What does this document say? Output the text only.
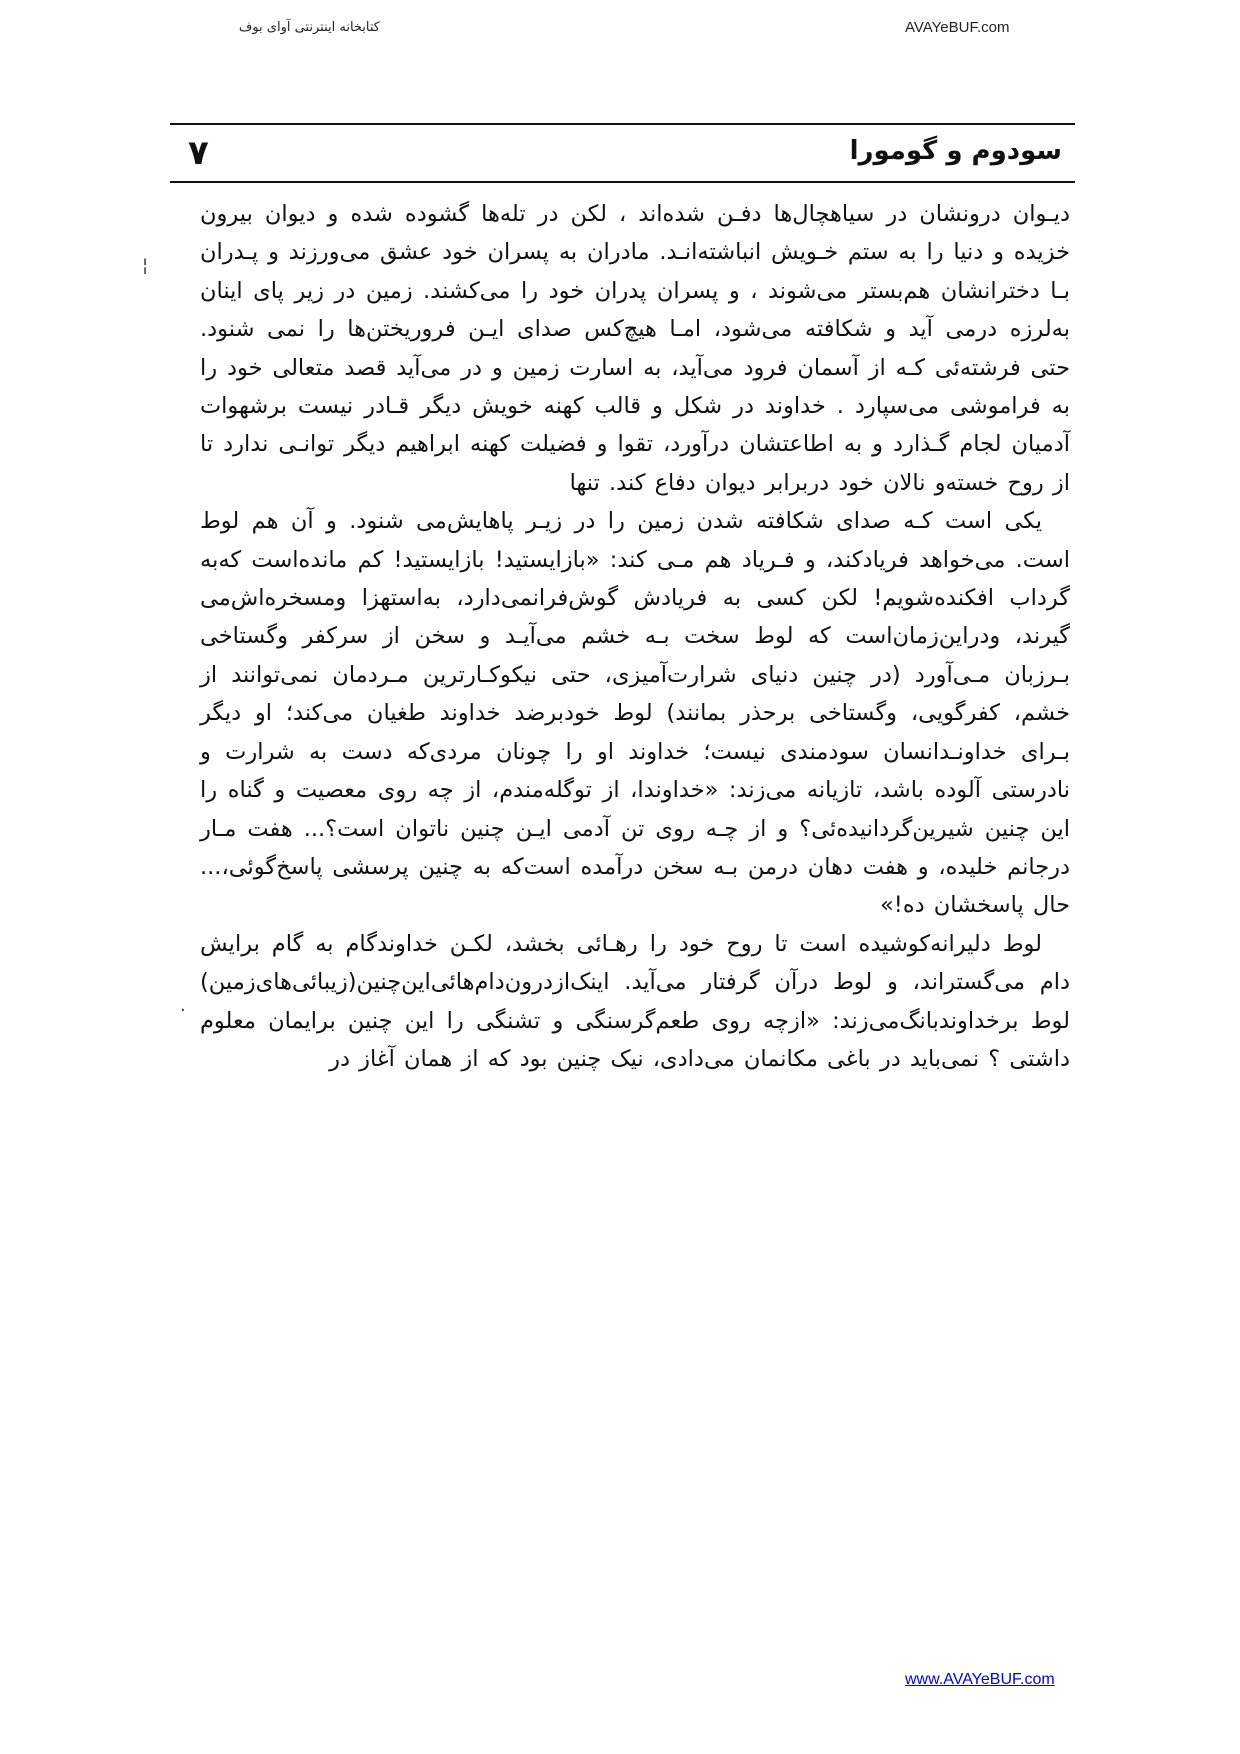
AVAYeBUF.com
کتابخانه اینترنتی آوای بوف
۷	سودوم و گومورا

دیـوان درونشان در سیاهچال‌ها دفـن شده‌اند ، لکن در تله‌ها گشوده شده و دیوان بیرون خزیده و دنیا را به ستم خـویش انباشته‌انـد. مادران به پسران خود عشق می‌ورزند و پـدران بـا دخترانشان هم‌بستر می‌شوند ، و پسران پدران خود را می‌کشند. زمین در زیر پای اینان به‌لرزه درمی آید و شکافته می‌شود، امـا هیچ‌کس صدای ایـن فروریختن‌ها را نمی شنود. حتی فرشته‌ئی کـه از آسمان فرود می‌آید، به اسارت زمین و در می‌آید قصد متعالی خود را به فراموشی می‌سپارد . خداوند در شکل و قالب کهنه خویش دیگر قـادر نیست برشهوات آدمیان لجام گـذارد و به اطاعتشان درآورد، تقوا و فضیلت کهنه ابراهیم دیگر توانـی ندارد تا از روح خسته‌و نالان خود دربرابر دیوان دفاع کند. تنها

یکی است کـه صدای شکافته شدن زمین را در زیـر پاهایش‌می شنود. و آن هم لوط است. می‌خواهد فریادکند، و فـریاد هم مـی کند: «بازایستید! بازایستید! کم مانده‌است که‌به گرداب افکنده‌شویم! لکن کسی به فریادش گوش‌فرانمی‌دارد، به‌استهزا ومسخره‌اش‌می گیرند، ودراین‌زمان‌است که لوط سخت بـه خشم می‌آیـد و سخن از سرکفر وگستاخی بـرزبان مـی‌آورد (در چنین دنیای شرارت‌آمیزی، حتی نیکوکـارترین مـردمان نمی‌توانند از خشم، کفرگویی، وگستاخی برحذر بمانند) لوط خودبرضد خداوند طغیان می‌کند؛ او دیگر بـرای خداونـدانسان سودمندی نیست؛ خداوند او را چونان مردی‌که دست به شرارت و نادرستی آلوده باشد، تازیانه می‌زند: «خداوندا، از توگله‌مندم، از چه روی معصیت و گناه را این چنین شیرین‌گردانیده‌ئی؟ و از چـه روی تن آدمی ایـن چنین ناتوان است؟... هفت مـار درجانم خلیده، و هفت دهان درمن بـه سخن درآمده است‌که به چنین پرسشی پاسخ‌گوئی،... حال پاسخشان ده!»

لوط دلیرانه‌کوشیده است تا روح خود را رهـائی بخشد، لکـن خداوندگام به گام برایش دام می‌گستراند، و لوط درآن گرفتار می‌آید. اینک‌ازدرون‌دام‌هائی‌این‌چنین(زیبائی‌های‌زمین) لوط برخداوندبانگ‌می‌زند: «ازچه روی طعم‌گرسنگی و تشنگی را این چنین برایمان معلوم داشتی ؟ نمی‌باید در باغی مکانمان می‌دادی، نیک چنین بود که از همان آغاز در

¦
·
www.AVAYeBUF.com
